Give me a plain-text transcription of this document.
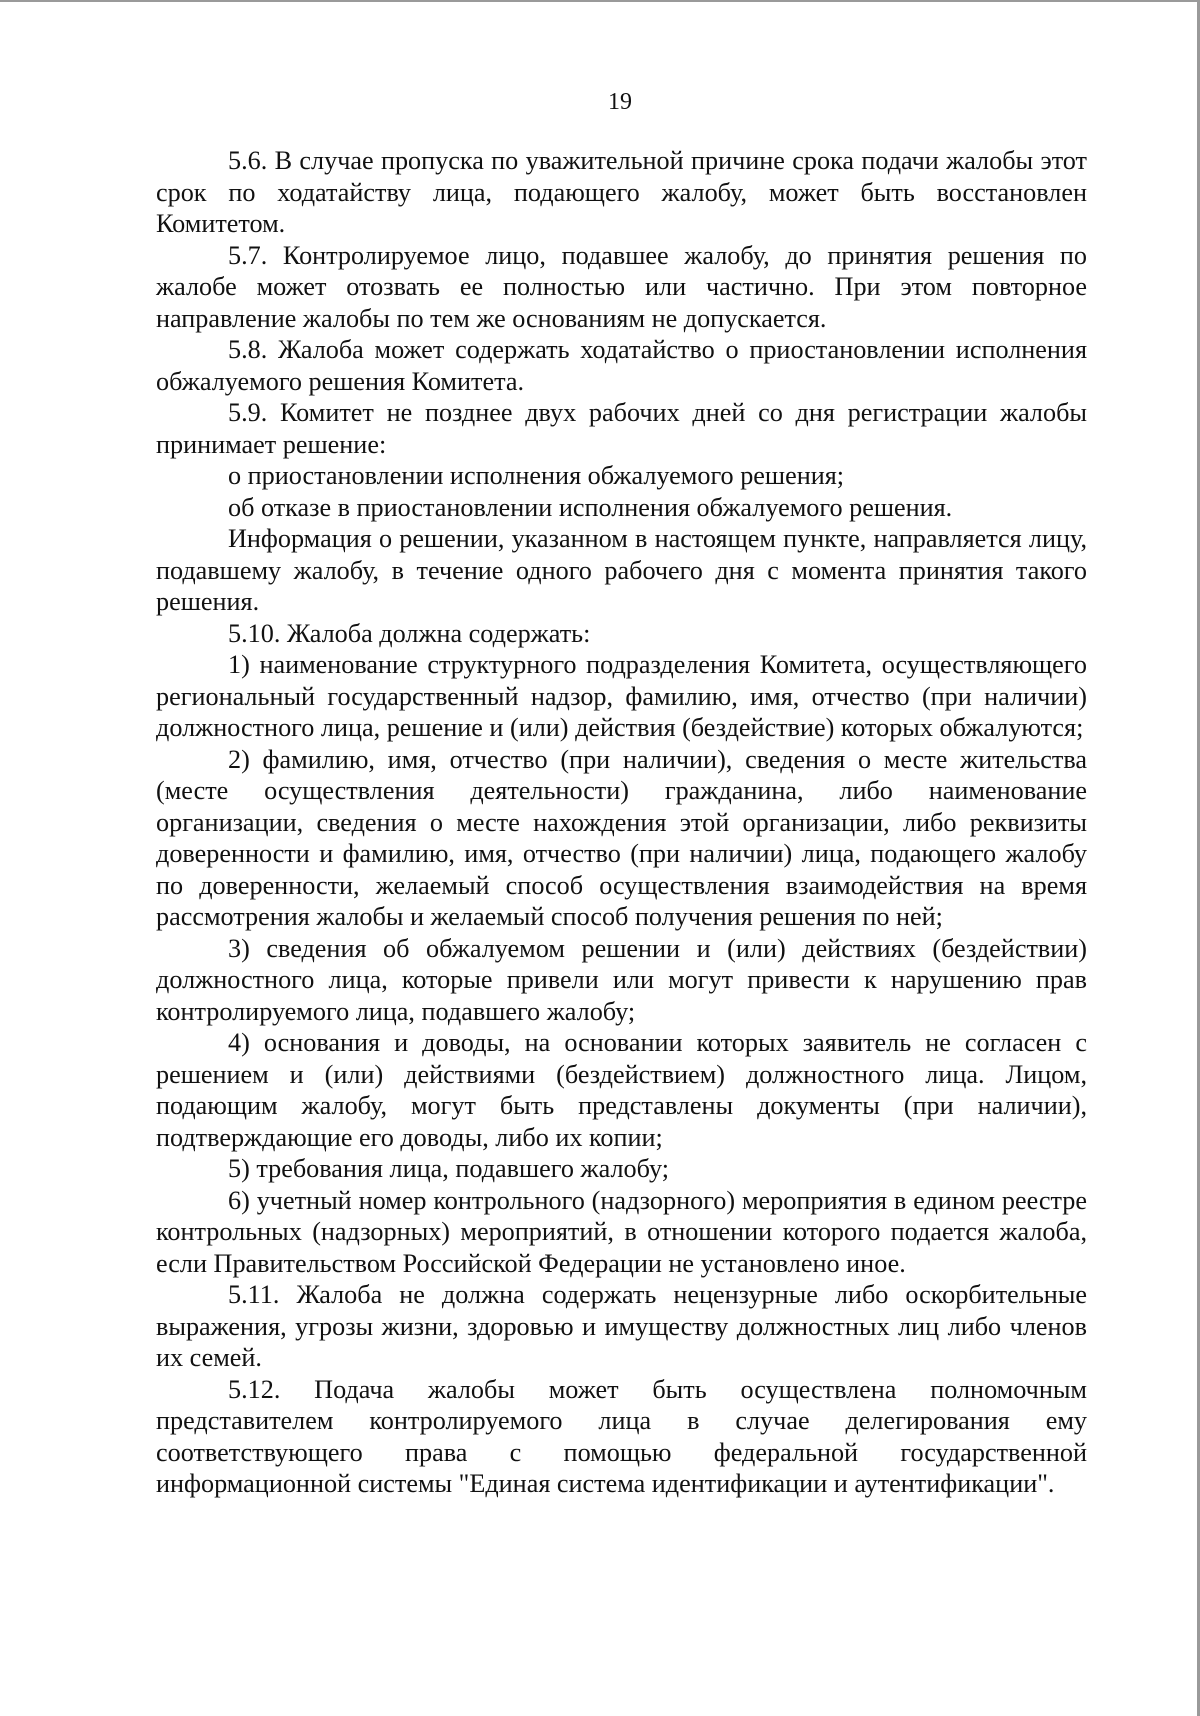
19

5.6. В случае пропуска по уважительной причине срока подачи жалобы этот срок по ходатайству лица, подающего жалобу, может быть восстановлен Комитетом.

5.7. Контролируемое лицо, подавшее жалобу, до принятия решения по жалобе может отозвать ее полностью или частично. При этом повторное направление жалобы по тем же основаниям не допускается.

5.8. Жалоба может содержать ходатайство о приостановлении исполнения обжалуемого решения Комитета.

5.9. Комитет не позднее двух рабочих дней со дня регистрации жалобы принимает решение:

о приостановлении исполнения обжалуемого решения;

об отказе в приостановлении исполнения обжалуемого решения.

Информация о решении, указанном в настоящем пункте, направляется лицу, подавшему жалобу, в течение одного рабочего дня с момента принятия такого решения.

5.10. Жалоба должна содержать:

1) наименование структурного подразделения Комитета, осуществляющего региональный государственный надзор, фамилию, имя, отчество (при наличии) должностного лица, решение и (или) действия (бездействие) которых обжалуются;

2) фамилию, имя, отчество (при наличии), сведения о месте жительства (месте осуществления деятельности) гражданина, либо наименование организации, сведения о месте нахождения этой организации, либо реквизиты доверенности и фамилию, имя, отчество (при наличии) лица, подающего жалобу по доверенности, желаемый способ осуществления взаимодействия на время рассмотрения жалобы и желаемый способ получения решения по ней;

3) сведения об обжалуемом решении и (или) действиях (бездействии) должностного лица, которые привели или могут привести к нарушению прав контролируемого лица, подавшего жалобу;

4) основания и доводы, на основании которых заявитель не согласен с решением и (или) действиями (бездействием) должностного лица. Лицом, подающим жалобу, могут быть представлены документы (при наличии), подтверждающие его доводы, либо их копии;

5) требования лица, подавшего жалобу;

6) учетный номер контрольного (надзорного) мероприятия в едином реестре контрольных (надзорных) мероприятий, в отношении которого подается жалоба, если Правительством Российской Федерации не установлено иное.

5.11. Жалоба не должна содержать нецензурные либо оскорбительные выражения, угрозы жизни, здоровью и имуществу должностных лиц либо членов их семей.

5.12. Подача жалобы может быть осуществлена полномочным представителем контролируемого лица в случае делегирования ему соответствующего права с помощью федеральной государственной информационной системы "Единая система идентификации и аутентификации".
